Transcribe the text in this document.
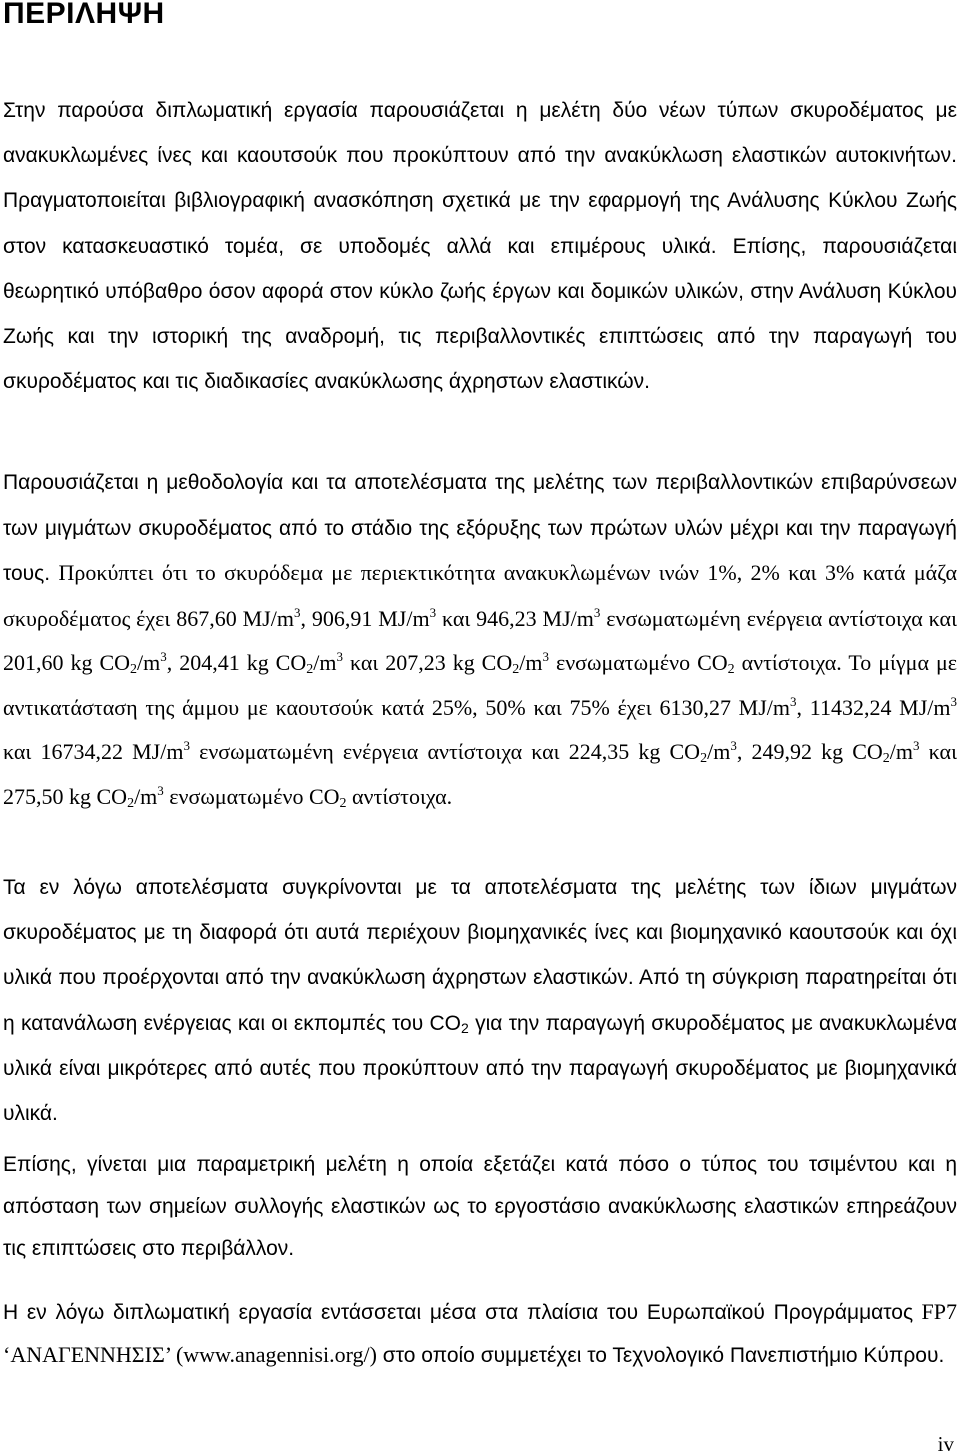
ΠΕΡΙΛΗΨΗ

Στην παρούσα διπλωματική εργασία παρουσιάζεται η μελέτη δύο νέων τύπων σκυροδέματος με ανακυκλωμένες ίνες και καουτσούκ που προκύπτουν από την ανακύκλωση ελαστικών αυτοκινήτων. Πραγματοποιείται βιβλιογραφική ανασκόπηση σχετικά με την εφαρμογή της Ανάλυσης Κύκλου Ζωής στον κατασκευαστικό τομέα, σε υποδομές αλλά και επιμέρους υλικά. Επίσης, παρουσιάζεται θεωρητικό υπόβαθρο όσον αφορά στον κύκλο ζωής έργων και δομικών υλικών, στην Ανάλυση Κύκλου Ζωής και την ιστορική της αναδρομή, τις περιβαλλοντικές επιπτώσεις από την παραγωγή του σκυροδέματος και τις διαδικασίες ανακύκλωσης άχρηστων ελαστικών.

Παρουσιάζεται η μεθοδολογία και τα αποτελέσματα της μελέτης των περιβαλλοντικών επιβαρύνσεων των μιγμάτων σκυροδέματος από το στάδιο της εξόρυξης των πρώτων υλών μέχρι και την παραγωγή τους. Προκύπτει ότι το σκυρόδεμα με περιεκτικότητα ανακυκλωμένων ινών 1%, 2% και 3% κατά μάζα σκυροδέματος έχει 867,60 $MJ/m^3$, 906,91 $MJ/m^3$ και 946,23 $MJ/m^3$ ενσωματωμένη ενέργεια αντίστοιχα και 201,60 kg $CO_2/m^3$, 204,41 kg $CO_2/m^3$ και 207,23 kg $CO_2/m^3$ ενσωματωμένο $CO_2$ αντίστοιχα. Το μίγμα με αντικατάσταση της άμμου με καουτσούκ κατά 25%, 50% και 75% έχει 6130,27 $MJ/m^3$, 11432,24 $MJ/m^3$ και 16734,22 $MJ/m^3$ ενσωματωμένη ενέργεια αντίστοιχα και 224,35 kg $CO_2/m^3$, 249,92 kg $CO_2/m^3$ και 275,50 kg $CO_2/m^3$ ενσωματωμένο $CO_2$ αντίστοιχα.

Τα εν λόγω αποτελέσματα συγκρίνονται με τα αποτελέσματα της μελέτης των ίδιων μιγμάτων σκυροδέματος με τη διαφορά ότι αυτά περιέχουν βιομηχανικές ίνες και βιομηχανικό καουτσούκ και όχι υλικά που προέρχονται από την ανακύκλωση άχρηστων ελαστικών. Από τη σύγκριση παρατηρείται ότι η κατανάλωση ενέργειας και οι εκπομπές του $CO_2$ για την παραγωγή σκυροδέματος με ανακυκλωμένα υλικά είναι μικρότερες από αυτές που προκύπτουν από την παραγωγή σκυροδέματος με βιομηχανικά υλικά.

Επίσης, γίνεται μια παραμετρική μελέτη η οποία εξετάζει κατά πόσο ο τύπος του τσιμέντου και η απόσταση των σημείων συλλογής ελαστικών ως το εργοστάσιο ανακύκλωσης ελαστικών επηρεάζουν τις επιπτώσεις στο περιβάλλον.

Η εν λόγω διπλωματική εργασία εντάσσεται μέσα στα πλαίσια του Ευρωπαϊκού Προγράμματος FP7 ‘ΑΝΑΓΕΝΝΗΣΙΣ’ (www.anagennisi.org/) στο οποίο συμμετέχει το Τεχνολογικό Πανεπιστήμιο Κύπρου.

iv
